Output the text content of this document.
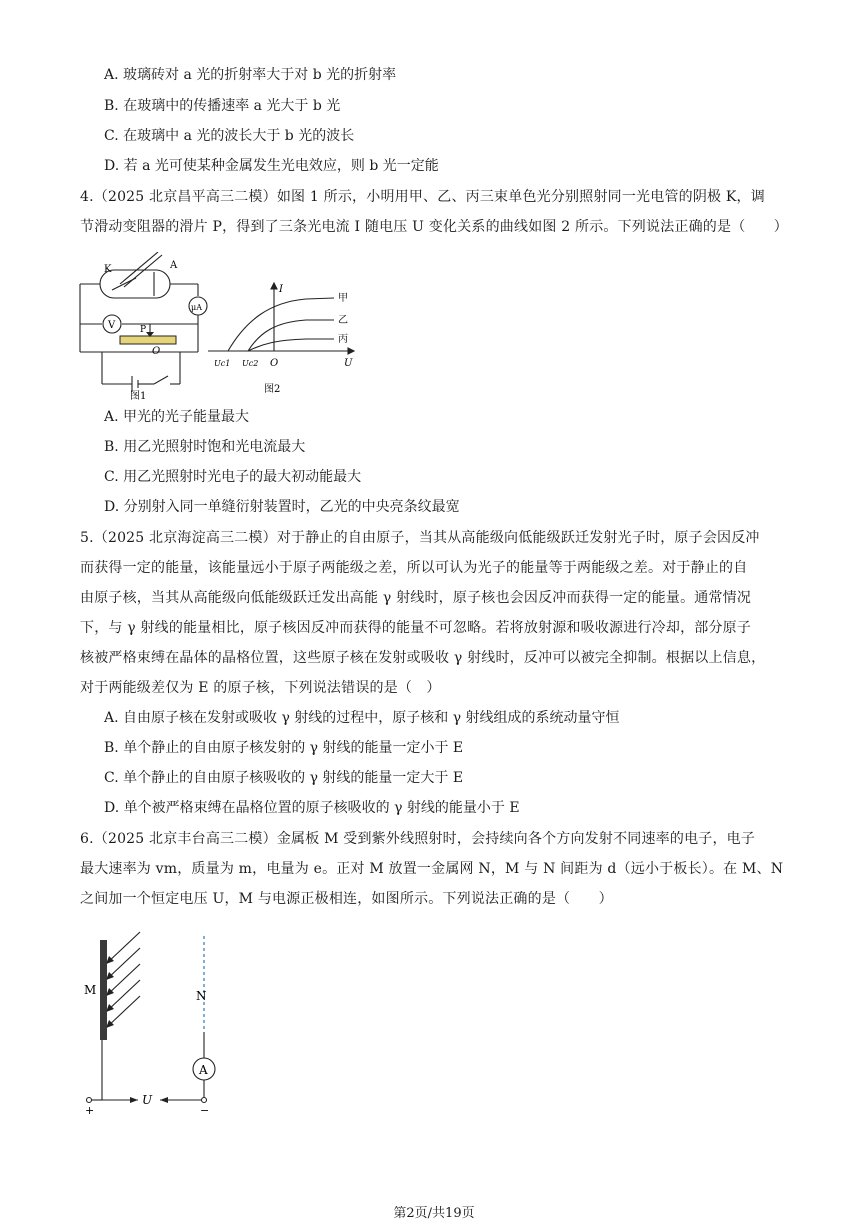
A. 玻璃砖对 a 光的折射率大于对 b 光的折射率
B. 在玻璃中的传播速率 a 光大于 b 光
C. 在玻璃中 a 光的波长大于 b 光的波长
D. 若 a 光可使某种金属发生光电效应，则 b 光一定能
4.（2025 北京昌平高三二模）如图 1 所示，小明用甲、乙、丙三束单色光分别照射同一光电管的阴极 K，调
节滑动变阻器的滑片 P，得到了三条光电流 I 随电压 U 变化关系的曲线如图 2 所示。下列说法正确的是（　　）
K	A
μA
V	P
O
图1
I
甲
乙
丙
Uc1 Uc2 O	U
图2
A. 甲光的光子能量最大
B. 用乙光照射时饱和光电流最大
C. 用乙光照射时光电子的最大初动能最大
D. 分别射入同一单缝衍射装置时，乙光的中央亮条纹最宽
5.（2025 北京海淀高三二模）对于静止的自由原子，当其从高能级向低能级跃迁发射光子时，原子会因反冲
而获得一定的能量，该能量远小于原子两能级之差，所以可认为光子的能量等于两能级之差。对于静止的自
由原子核，当其从高能级向低能级跃迁发出高能 γ 射线时，原子核也会因反冲而获得一定的能量。通常情况
下，与 γ 射线的能量相比，原子核因反冲而获得的能量不可忽略。若将放射源和吸收源进行冷却，部分原子
核被严格束缚在晶体的晶格位置，这些原子核在发射或吸收 γ 射线时，反冲可以被完全抑制。根据以上信息，
对于两能级差仅为 E 的原子核，下列说法错误的是（　）
A. 自由原子核在发射或吸收 γ 射线的过程中，原子核和 γ 射线组成的系统动量守恒
B. 单个静止的自由原子核发射的 γ 射线的能量一定小于 E
C. 单个静止的自由原子核吸收的 γ 射线的能量一定大于 E
D. 单个被严格束缚在晶格位置的原子核吸收的 γ 射线的能量小于 E
6.（2025 北京丰台高三二模）金属板 M 受到紫外线照射时，会持续向各个方向发射不同速率的电子，电子
最大速率为 vm，质量为 m，电量为 e。正对 M 放置一金属网 N，M 与 N 间距为 d（远小于板长）。在 M、N
之间加一个恒定电压 U，M 与电源正极相连，如图所示。下列说法正确的是（　　）
M	N
A
U
+	−
第2页/共19页
